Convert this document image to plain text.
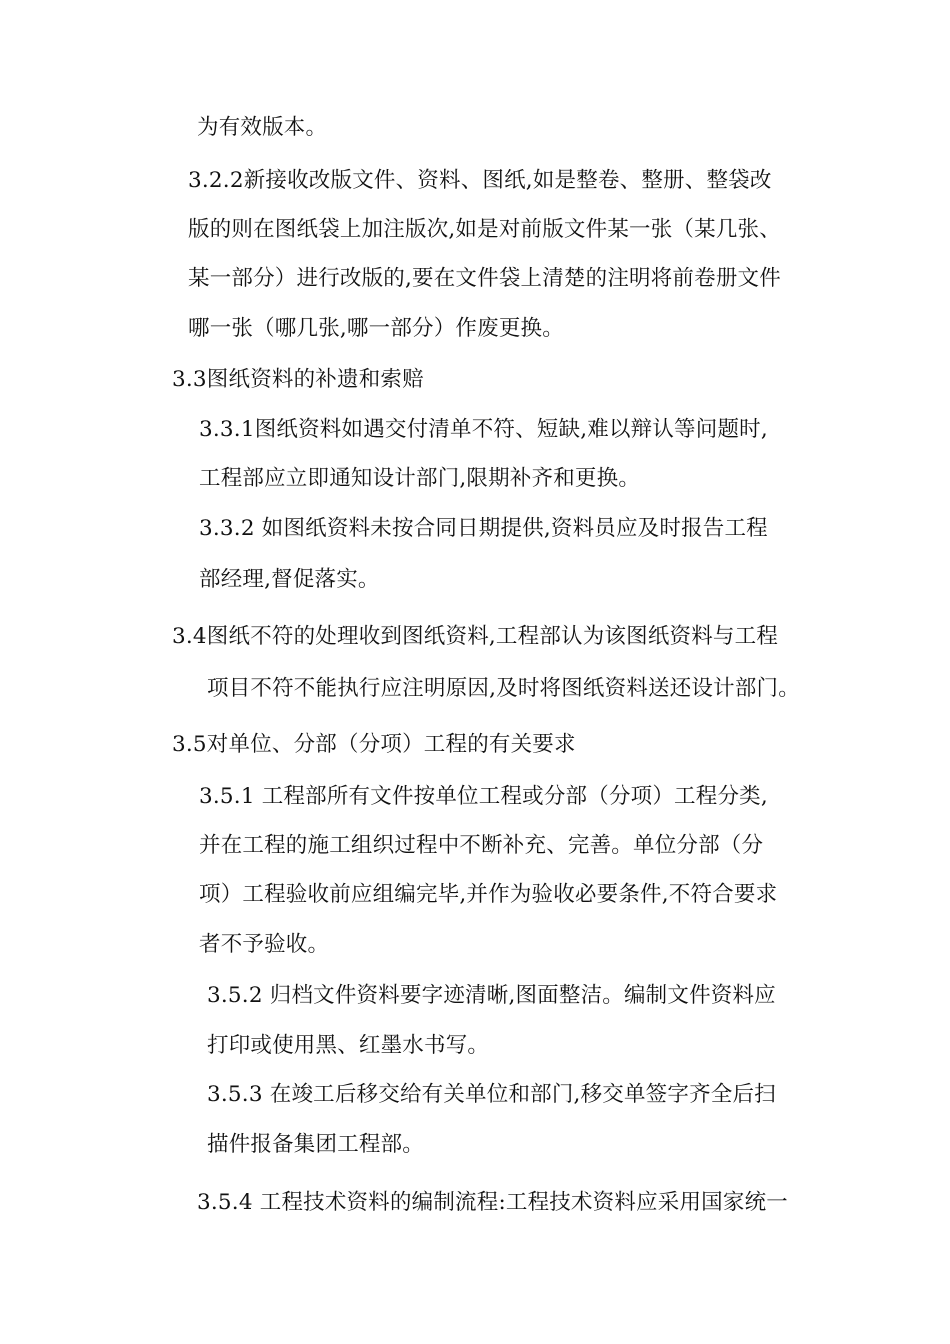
为有效版本。
3.2.2新接收改版文件、资料、图纸,如是整卷、整册、整袋改
版的则在图纸袋上加注版次,如是对前版文件某一张（某几张、
某一部分）进行改版的,要在文件袋上清楚的注明将前卷册文件
哪一张（哪几张,哪一部分）作废更换。
3.3图纸资料的补遗和索赔
3.3.1图纸资料如遇交付清单不符、短缺,难以辩认等问题时,
工程部应立即通知设计部门,限期补齐和更换。
3.3.2 如图纸资料未按合同日期提供,资料员应及时报告工程
部经理,督促落实。
3.4图纸不符的处理收到图纸资料,工程部认为该图纸资料与工程
项目不符不能执行应注明原因,及时将图纸资料送还设计部门。
3.5对单位、分部（分项）工程的有关要求
3.5.1 工程部所有文件按单位工程或分部（分项）工程分类,
并在工程的施工组织过程中不断补充、完善。单位分部（分
项）工程验收前应组编完毕,并作为验收必要条件,不符合要求
者不予验收。
3.5.2 归档文件资料要字迹清晰,图面整洁。编制文件资料应
打印或使用黑、红墨水书写。
3.5.3 在竣工后移交给有关单位和部门,移交单签字齐全后扫
描件报备集团工程部。
3.5.4 工程技术资料的编制流程:工程技术资料应采用国家统一
